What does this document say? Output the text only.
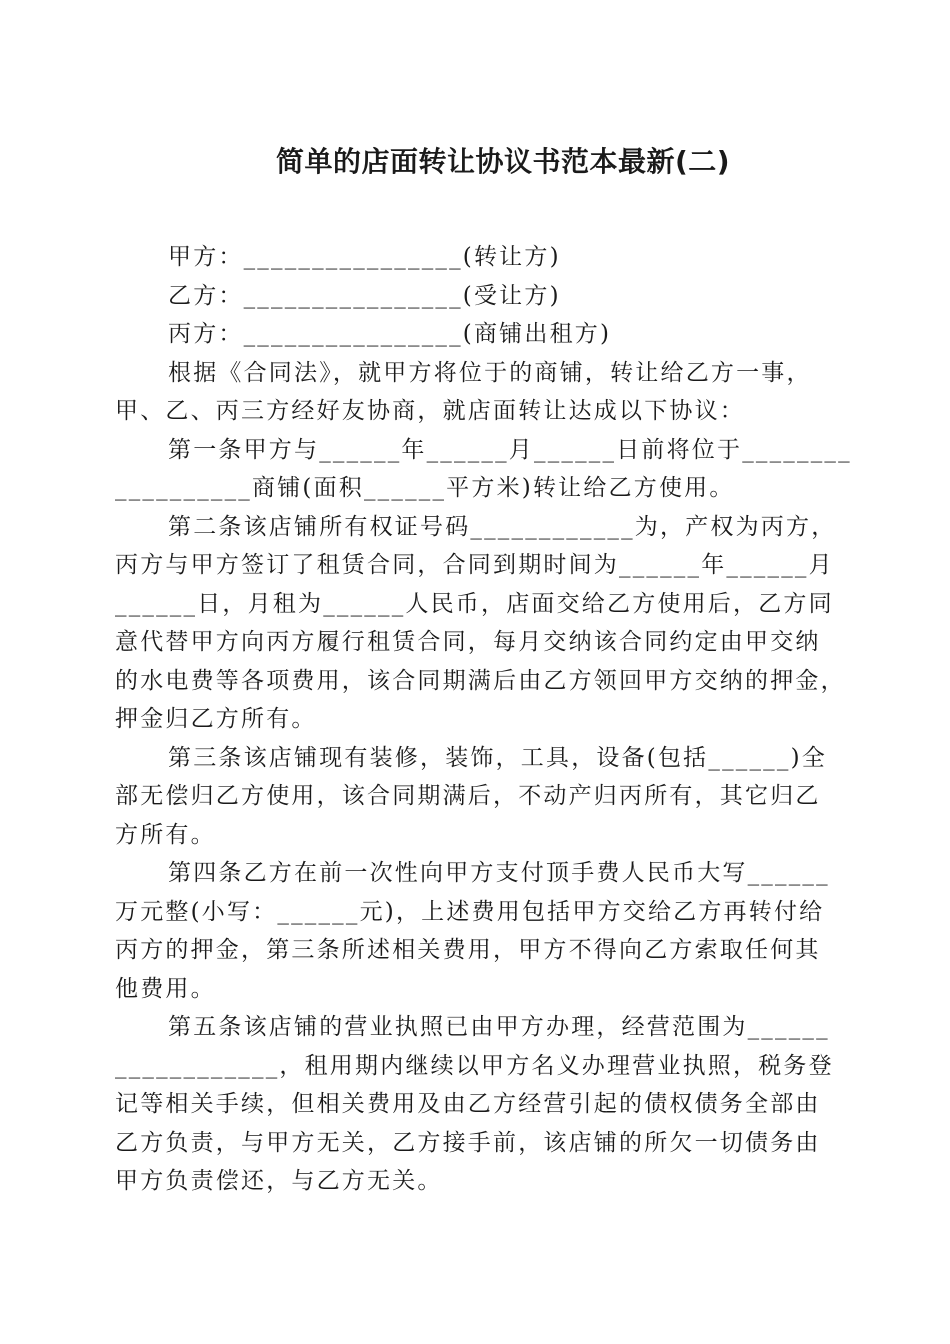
简单的店面转让协议书范本最新(二)
甲方：________________(转让方)
乙方：________________(受让方)
丙方：________________(商铺出租方)
根据《合同法》，就甲方将位于的商铺，转让给乙方一事，
甲、乙、丙三方经好友协商，就店面转让达成以下协议：
第一条甲方与______年______月______日前将位于________
__________商铺(面积______平方米)转让给乙方使用。
第二条该店铺所有权证号码____________为，产权为丙方，
丙方与甲方签订了租赁合同，合同到期时间为______年______月
______日，月租为______人民币，店面交给乙方使用后，乙方同
意代替甲方向丙方履行租赁合同，每月交纳该合同约定由甲交纳
的水电费等各项费用，该合同期满后由乙方领回甲方交纳的押金，
押金归乙方所有。
第三条该店铺现有装修，装饰，工具，设备(包括______)全
部无偿归乙方使用，该合同期满后，不动产归丙所有，其它归乙
方所有。
第四条乙方在前一次性向甲方支付顶手费人民币大写______
万元整(小写：______元)，上述费用包括甲方交给乙方再转付给
丙方的押金，第三条所述相关费用，甲方不得向乙方索取任何其
他费用。
第五条该店铺的营业执照已由甲方办理，经营范围为______
____________，租用期内继续以甲方名义办理营业执照，税务登
记等相关手续，但相关费用及由乙方经营引起的债权债务全部由
乙方负责，与甲方无关，乙方接手前，该店铺的所欠一切债务由
甲方负责偿还，与乙方无关。
